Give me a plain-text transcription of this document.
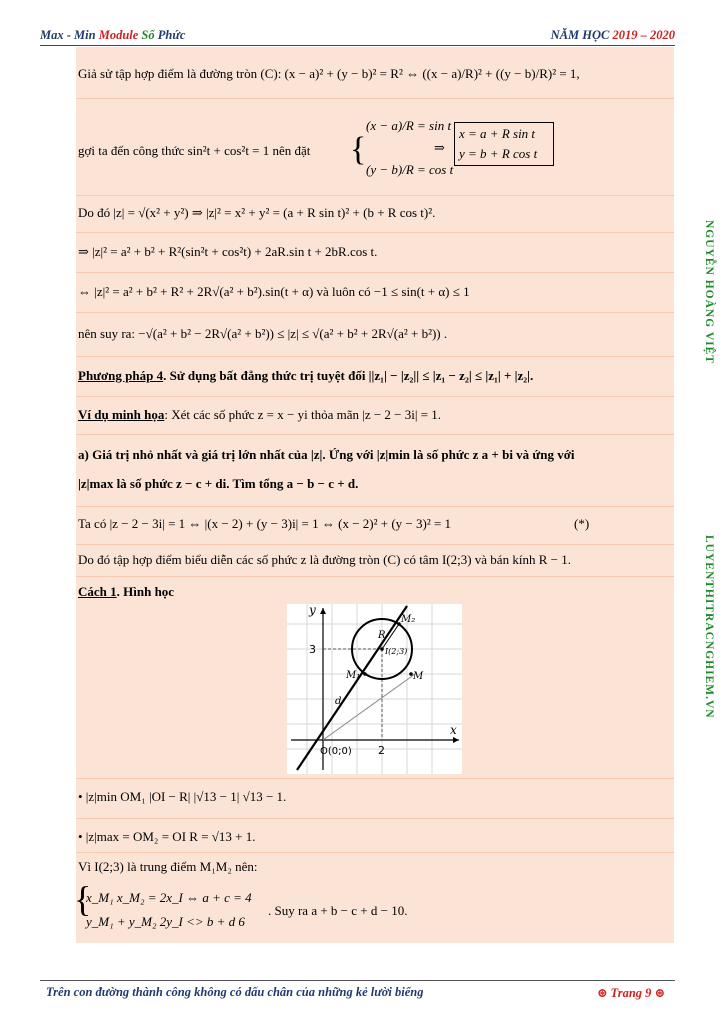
Max - Min Module Số Phức	NĂM HỌC 2019 – 2020
NGUYỄN HOÀNG VIỆT
LUYENTHITRACNGHIEM.VN
Giả sử tập hợp điểm là đường tròn (C): (x − a)² + (y − b)² = R² ⇔ ((x − a)/R)² + ((y − b)/R)² = 1,
gợi ta đến công thức sin²t + cos²t = 1 nên đặt {
(x − a)/R = sin t
(y − b)/R = cos t
⇒
x = a + R sin t
y = b + R cos t
Do đó |z| = √(x² + y²) ⇒ |z|² = x² + y² = (a + R sin t)² + (b + R cos t)².
⇒ |z|² = a² + b² + R²(sin²t + cos²t) + 2aR.sin t + 2bR.cos t.
⇔ |z|² = a² + b² + R² + 2R√(a² + b²).sin(t + α) và luôn có −1 ≤ sin(t + α) ≤ 1
nên suy ra: −√(a² + b² − 2R√(a² + b²)) ≤ |z| ≤ √(a² + b² + 2R√(a² + b²)) .
Phương pháp 4. Sử dụng bất đẳng thức trị tuyệt đối ||z₁| − |z₂|| ≤ |z₁ − z₂| ≤ |z₁| + |z₂|.
Ví dụ minh họa: Xét các số phức z = x − yi thỏa mãn |z − 2 − 3i| = 1.
a) Giá trị nhỏ nhất và giá trị lớn nhất của |z|. Ứng với |z|min là số phức z a + bi và ứng với
|z|max là số phức z − c + di. Tìm tổng a − b − c + d.
Ta có |z − 2 − 3i| = 1 ⇔ |(x − 2) + (y − 3)i| = 1 ⇔ (x − 2)² + (y − 3)² = 1	(*)
Do đó tập hợp điểm biểu diễn các số phức z là đường tròn (C) có tâm I(2;3) và bán kính R − 1.
Cách 1. Hình học
y
x
3
2
O(0;0)
I(2;3)
R
d
M₂
M₁	M
• |z|min OM₁ |OI − R| |√13 − 1| √13 − 1.
• |z|max = OM₂ = OI R = √13 + 1.
Vì I(2;3) là trung điểm M₁M₂ nên:
{
x_M₁ x_M₂ = 2x_I ⇔ a + c = 4
y_M₁ + y_M₂ 2y_I <> b + d 6
. Suy ra a + b − c + d − 10.
Trên con đường thành công không có dấu chân của những kẻ lười biếng	⊛ Trang 9 ⊛
